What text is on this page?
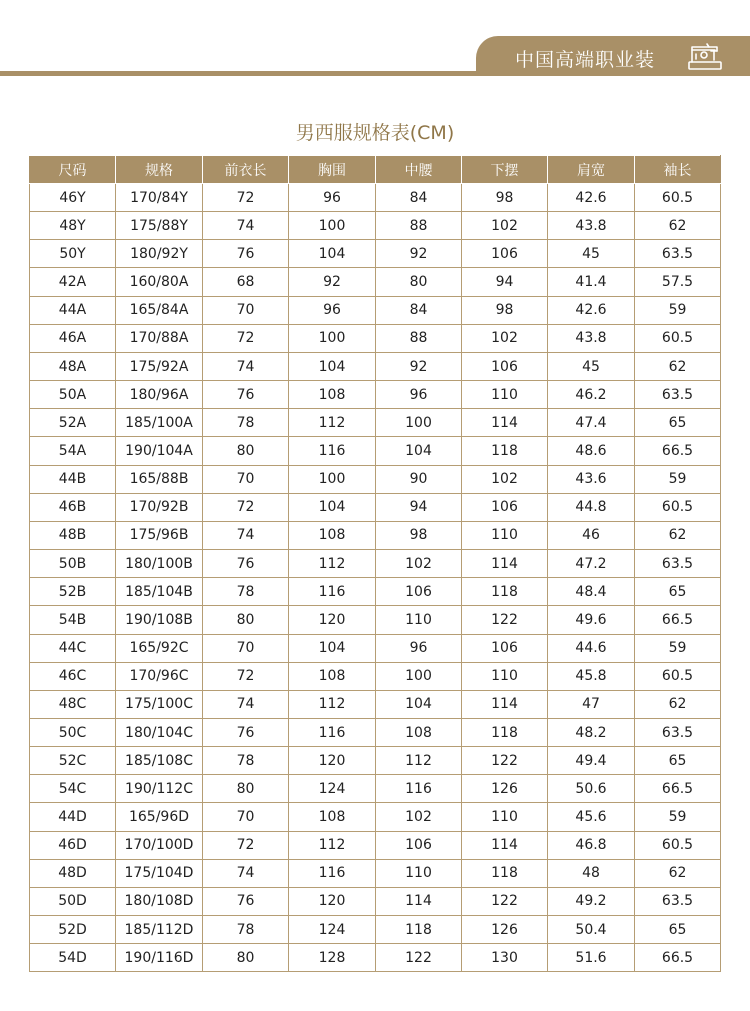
中国高端职业装
男西服规格表(CM)
尺码	规格	前衣长	胸围	中腰	下摆	肩宽	袖长
46Y	170/84Y	72	96	84	98	42.6	60.5
48Y	175/88Y	74	100	88	102	43.8	62
50Y	180/92Y	76	104	92	106	45	63.5
42A	160/80A	68	92	80	94	41.4	57.5
44A	165/84A	70	96	84	98	42.6	59
46A	170/88A	72	100	88	102	43.8	60.5
48A	175/92A	74	104	92	106	45	62
50A	180/96A	76	108	96	110	46.2	63.5
52A	185/100A	78	112	100	114	47.4	65
54A	190/104A	80	116	104	118	48.6	66.5
44B	165/88B	70	100	90	102	43.6	59
46B	170/92B	72	104	94	106	44.8	60.5
48B	175/96B	74	108	98	110	46	62
50B	180/100B	76	112	102	114	47.2	63.5
52B	185/104B	78	116	106	118	48.4	65
54B	190/108B	80	120	110	122	49.6	66.5
44C	165/92C	70	104	96	106	44.6	59
46C	170/96C	72	108	100	110	45.8	60.5
48C	175/100C	74	112	104	114	47	62
50C	180/104C	76	116	108	118	48.2	63.5
52C	185/108C	78	120	112	122	49.4	65
54C	190/112C	80	124	116	126	50.6	66.5
44D	165/96D	70	108	102	110	45.6	59
46D	170/100D	72	112	106	114	46.8	60.5
48D	175/104D	74	116	110	118	48	62
50D	180/108D	76	120	114	122	49.2	63.5
52D	185/112D	78	124	118	126	50.4	65
54D	190/116D	80	128	122	130	51.6	66.5
